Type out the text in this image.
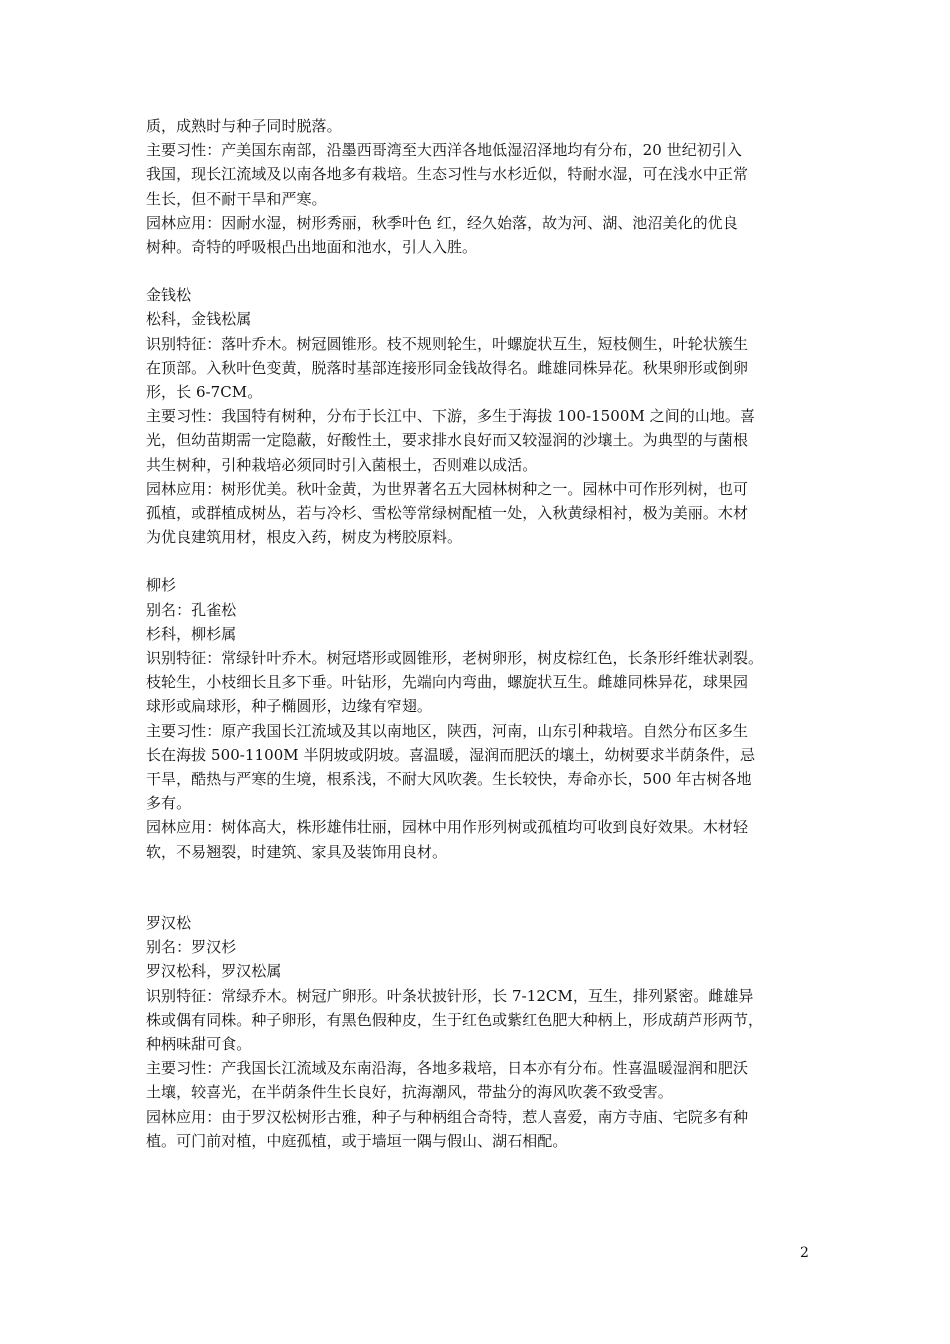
质，成熟时与种子同时脱落。
主要习性：产美国东南部，沿墨西哥湾至大西洋各地低湿沼泽地均有分布，20 世纪初引入
我国，现长江流域及以南各地多有栽培。生态习性与水杉近似，特耐水湿，可在浅水中正常
生长，但不耐干旱和严寒。
园林应用：因耐水湿，树形秀丽，秋季叶色 红，经久始落，故为河、湖、池沼美化的优良
树种。奇特的呼吸根凸出地面和池水，引人入胜。
金钱松
松科，金钱松属
识别特征：落叶乔木。树冠圆锥形。枝不规则轮生，叶螺旋状互生，短枝侧生，叶轮状簇生
在顶部。入秋叶色变黄，脱落时基部连接形同金钱故得名。雌雄同株异花。秋果卵形或倒卵
形，长 6-7CM。
主要习性：我国特有树种，分布于长江中、下游，多生于海拔 100-1500M 之间的山地。喜
光，但幼苗期需一定隐蔽，好酸性土，要求排水良好而又较湿润的沙壤土。为典型的与菌根
共生树种，引种栽培必须同时引入菌根土，否则难以成活。
园林应用：树形优美。秋叶金黄，为世界著名五大园林树种之一。园林中可作形列树，也可
孤植，或群植成树丛，若与冷杉、雪松等常绿树配植一处，入秋黄绿相衬，极为美丽。木材
为优良建筑用材，根皮入药，树皮为栲胶原料。
柳杉
别名：孔雀松
杉科，柳杉属
识别特征：常绿针叶乔木。树冠塔形或圆锥形，老树卵形，树皮棕红色，长条形纤维状剥裂。
枝轮生，小枝细长且多下垂。叶钻形，先端向内弯曲，螺旋状互生。雌雄同株异花，球果园
球形或扁球形，种子椭圆形，边缘有窄翅。
主要习性：原产我国长江流域及其以南地区，陕西，河南，山东引种栽培。自然分布区多生
长在海拔 500-1100M 半阴坡或阴坡。喜温暖，湿润而肥沃的壤土，幼树要求半荫条件，忌
干旱，酷热与严寒的生境，根系浅，不耐大风吹袭。生长较快，寿命亦长，500 年古树各地
多有。
园林应用：树体高大，株形雄伟壮丽，园林中用作形列树或孤植均可收到良好效果。木材轻
软，不易翘裂，时建筑、家具及装饰用良材。
罗汉松
别名：罗汉杉
罗汉松科，罗汉松属
识别特征：常绿乔木。树冠广卵形。叶条状披针形，长 7-12CM，互生，排列紧密。雌雄异
株或偶有同株。种子卵形，有黑色假种皮，生于红色或紫红色肥大种柄上，形成葫芦形两节，
种柄味甜可食。
主要习性：产我国长江流域及东南沿海，各地多栽培，日本亦有分布。性喜温暖湿润和肥沃
土壤，较喜光，在半荫条件生长良好，抗海潮风，带盐分的海风吹袭不致受害。
园林应用：由于罗汉松树形古雅，种子与种柄组合奇特，惹人喜爱，南方寺庙、宅院多有种
植。可门前对植，中庭孤植，或于墙垣一隅与假山、湖石相配。
2
